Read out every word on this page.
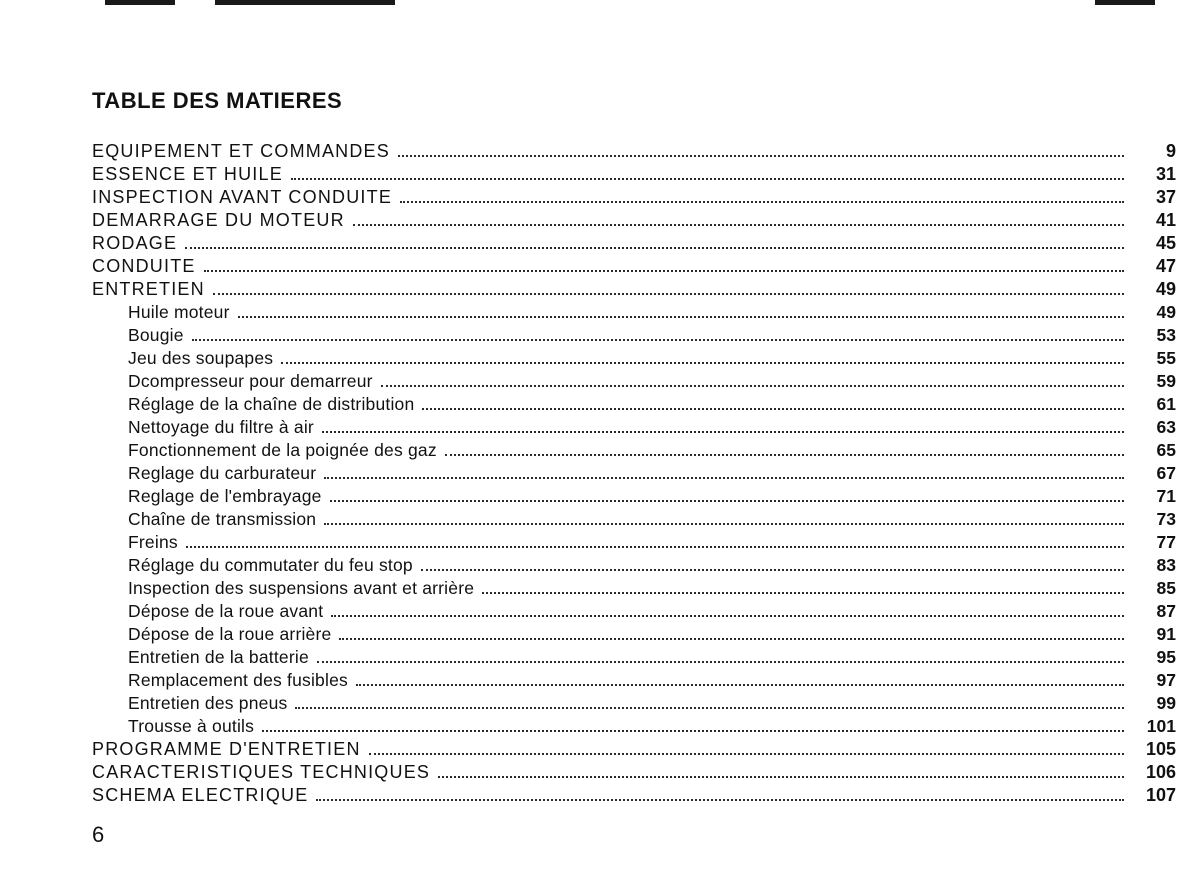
TABLE DES MATIERES
EQUIPEMENT ET COMMANDES	9
ESSENCE ET HUILE	31
INSPECTION AVANT CONDUITE	37
DEMARRAGE DU MOTEUR	41
RODAGE	45
CONDUITE	47
ENTRETIEN	49
Huile moteur	49
Bougie	53
Jeu des soupapes	55
Dcompresseur pour demarreur	59
Réglage de la chaîne de distribution	61
Nettoyage du filtre à air	63
Fonctionnement de la poignée des gaz	65
Reglage du carburateur	67
Reglage de l'embrayage	71
Chaîne de transmission	73
Freins	77
Réglage du commutater du feu stop	83
Inspection des suspensions avant et arrière	85
Dépose de la roue avant	87
Dépose de la roue arrière	91
Entretien de la batterie	95
Remplacement des fusibles	97
Entretien des pneus	99
Trousse à outils	101
PROGRAMME D'ENTRETIEN	105
CARACTERISTIQUES TECHNIQUES	106
SCHEMA ELECTRIQUE	107
6
